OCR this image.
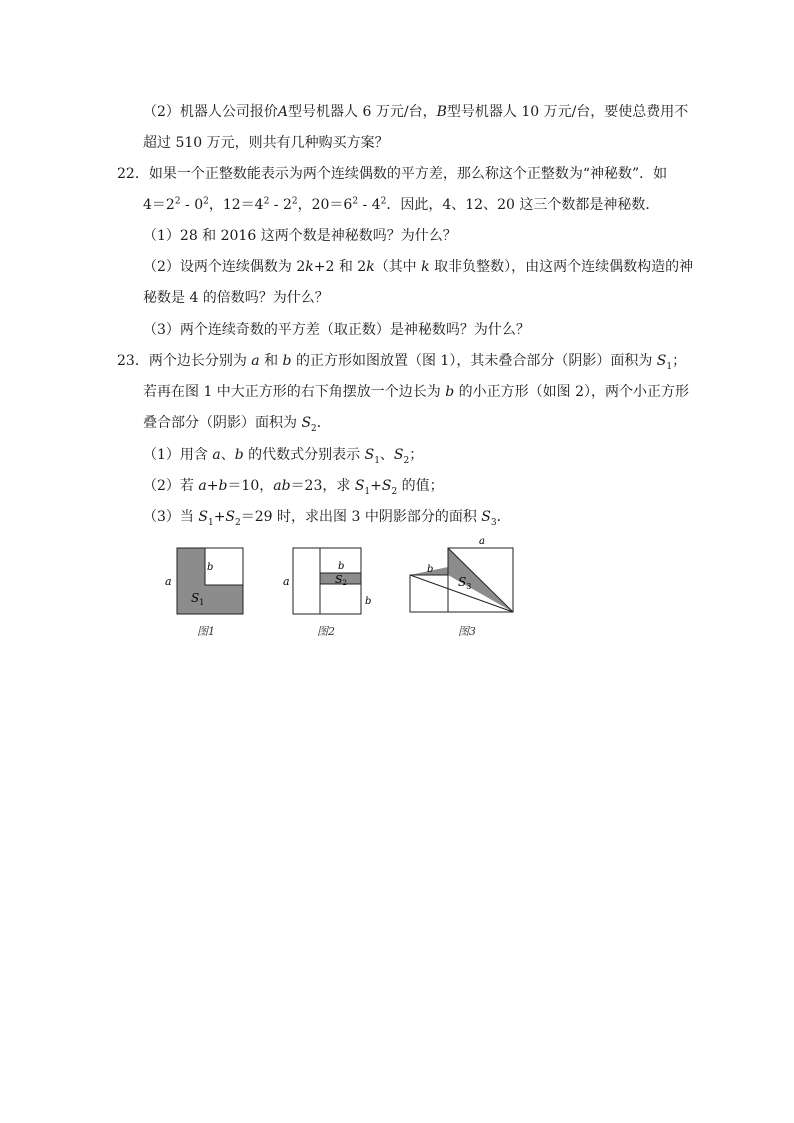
（2）机器人公司报价A型号机器人 6 万元/台，B型号机器人 10 万元/台，要使总费用不
超过 510 万元，则共有几种购买方案？
22．如果一个正整数能表示为两个连续偶数的平方差，那么称这个正整数为“神秘数”．如
$4=2^2 - 0^2$，$12=4^2 - 2^2$，$20=6^2 - 4^2$．因此，4、12、20 这三个数都是神秘数．
（1）28 和 2016 这两个数是神秘数吗？为什么？
（2）设两个连续偶数为 2k+2 和 2k（其中 k 取非负整数），由这两个连续偶数构造的神
秘数是 4 的倍数吗？为什么？
（3）两个连续奇数的平方差（取正数）是神秘数吗？为什么？
23．两个边长分别为 a 和 b 的正方形如图放置（图 1），其未叠合部分（阴影）面积为 $S_1$；
若再在图 1 中大正方形的右下角摆放一个边长为 b 的小正方形（如图 2），两个小正方形
叠合部分（阴影）面积为 $S_2$．
（1）用含 a、b 的代数式分别表示 $S_1$、$S_2$；
（2）若 a+b＝10，ab＝23，求 $S_1+S_2$ 的值；
（3）当 $S_1+S_2=29$ 时，求出图 3 中阴影部分的面积 $S_3$．
a
b
$S_1$
图1
a
b
b
S2
图2
a
b
$S_3$
图3
